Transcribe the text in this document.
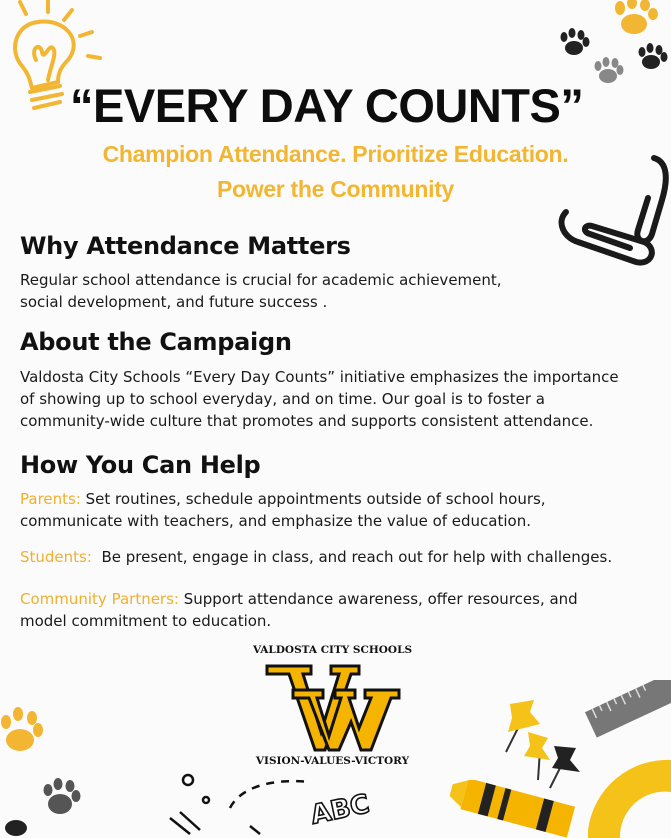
ABC
“EVERY DAY COUNTS”
Champion Attendance. Prioritize Education.
Power the Community
Why Attendance Matters
Regular school attendance is crucial for academic achievement,
social development, and future success .
About the Campaign
Valdosta City Schools “Every Day Counts” initiative emphasizes the importance
of showing up to school everyday, and on time. Our goal is to foster a
community-wide culture that promotes and supports consistent attendance.
How You Can Help
Parents: Set routines, schedule appointments outside of school hours,
communicate with teachers, and emphasize the value of education.
Students:  Be present, engage in class, and reach out for help with challenges.
Community Partners: Support attendance awareness, offer resources, and
model commitment to education.
VALDOSTA CITY SCHOOLS
VISION-VALUES-VICTORY
